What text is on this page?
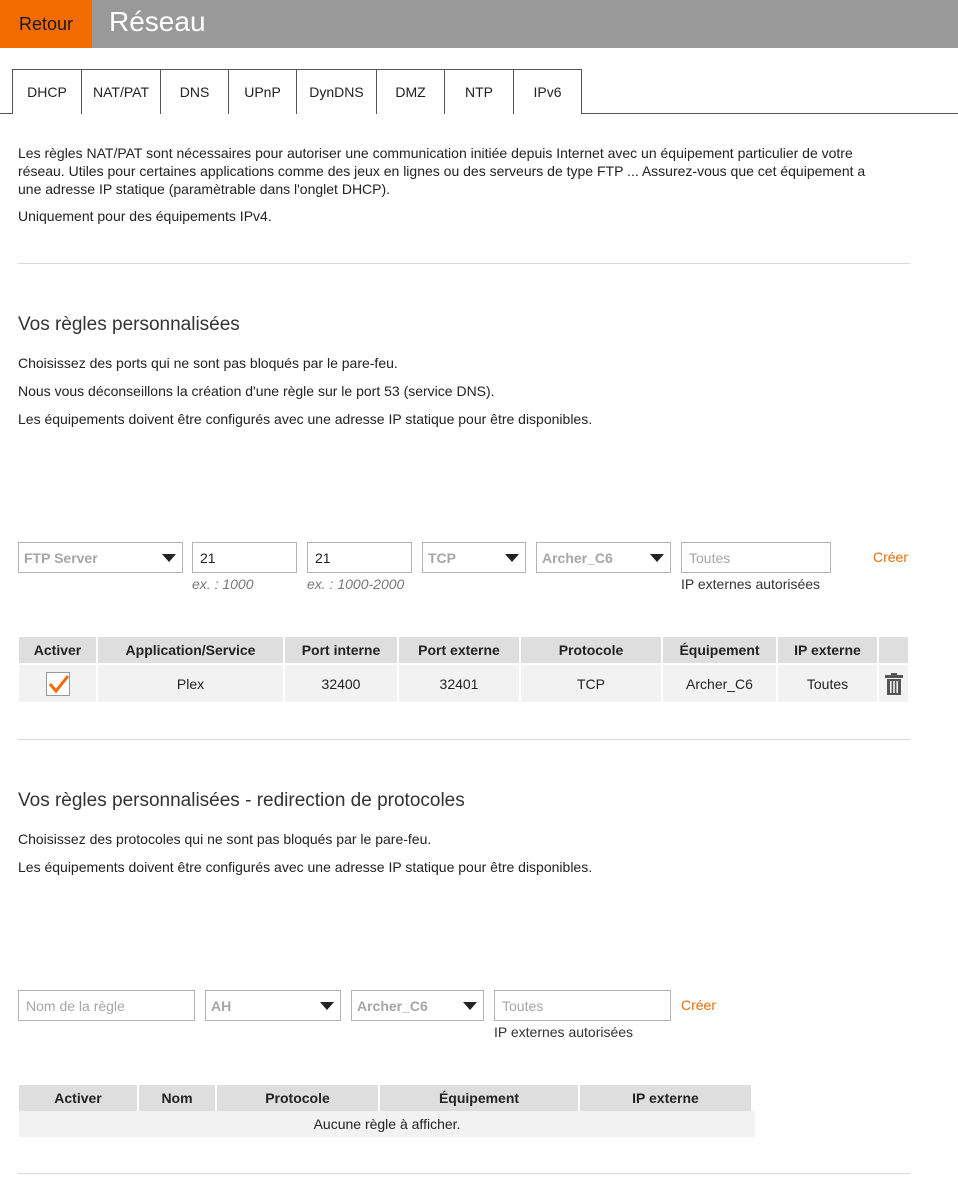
Retour	Réseau
DHCP	NAT/PAT	DNS	UPnP	DynDNS	DMZ	NTP	IPv6
Les règles NAT/PAT sont nécessaires pour autoriser une communication initiée depuis Internet avec un équipement particulier de votre
réseau. Utiles pour certaines applications comme des jeux en lignes ou des serveurs de type FTP ... Assurez-vous que cet équipement a
une adresse IP statique (paramètrable dans l'onglet DHCP).
Uniquement pour des équipements IPv4.
Vos règles personnalisées
Choisissez des ports qui ne sont pas bloqués par le pare-feu.
Nous vous déconseillons la création d'une règle sur le port 53 (service DNS).
Les équipements doivent être configurés avec une adresse IP statique pour être disponibles.
FTP Server
21
ex. : 1000
21	ex. : 1000-2000
TCP	Archer_C6
Toutes
IP externes autorisées
Créer
Activer	Application/Service	Port interne	Port externe	Protocole	Équipement	IP externe
Plex	32400	32401	TCP	Archer_C6	Toutes
Vos règles personnalisées - redirection de protocoles
Choisissez des protocoles qui ne sont pas bloqués par le pare-feu.
Les équipements doivent être configurés avec une adresse IP statique pour être disponibles.
Nom de la règle
AH	Archer_C6
Toutes
IP externes autorisées
Créer
Activer	Nom	Protocole	Équipement	IP externe
Aucune règle à afficher.
